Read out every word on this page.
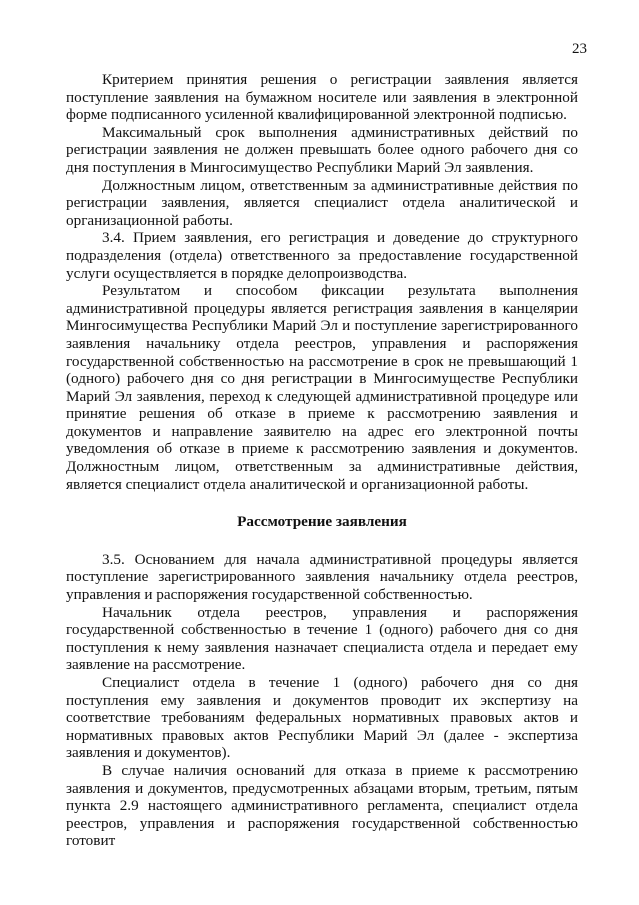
23

Критерием принятия решения о регистрации заявления является поступление заявления на бумажном носителе или заявления в электронной форме подписанного усиленной квалифицированной электронной подписью.

Максимальный срок выполнения административных действий по регистрации заявления не должен превышать более одного рабочего дня со дня поступления в Мингосимущество Республики Марий Эл заявления.

Должностным лицом, ответственным за административные действия по регистрации заявления, является специалист отдела аналитической и организационной работы.

3.4. Прием заявления, его регистрация и доведение до структурного подразделения (отдела) ответственного за предоставление государственной услуги осуществляется в порядке делопроизводства.

Результатом и способом фиксации результата выполнения административной процедуры является регистрация заявления в канцелярии Мингосимущества Республики Марий Эл и поступление зарегистрированного заявления начальнику отдела реестров, управления и распоряжения государственной собственностью на рассмотрение в срок не превышающий 1 (одного) рабочего дня со дня регистрации в Мингосимуществе Республики Марий Эл заявления, переход к следующей административной процедуре или принятие решения об отказе в приеме к рассмотрению заявления и документов и направление заявителю на адрес его электронной почты уведомления об отказе в приеме к рассмотрению заявления и документов. Должностным лицом, ответственным за административные действия, является специалист отдела аналитической и организационной работы.

Рассмотрение заявления

3.5. Основанием для начала административной процедуры является поступление зарегистрированного заявления начальнику отдела реестров, управления и распоряжения государственной собственностью.

Начальник отдела реестров, управления и распоряжения государственной собственностью в течение 1 (одного) рабочего дня со дня поступления к нему заявления назначает специалиста отдела и передает ему заявление на рассмотрение.

Специалист отдела в течение 1 (одного) рабочего дня со дня поступления ему заявления и документов проводит их экспертизу на соответствие требованиям федеральных нормативных правовых актов и нормативных правовых актов Республики Марий Эл (далее - экспертиза заявления и документов).

В случае наличия оснований для отказа в приеме к рассмотрению заявления и документов, предусмотренных абзацами вторым, третьим, пятым пункта 2.9 настоящего административного регламента, специалист отдела реестров, управления и распоряжения государственной собственностью готовит
